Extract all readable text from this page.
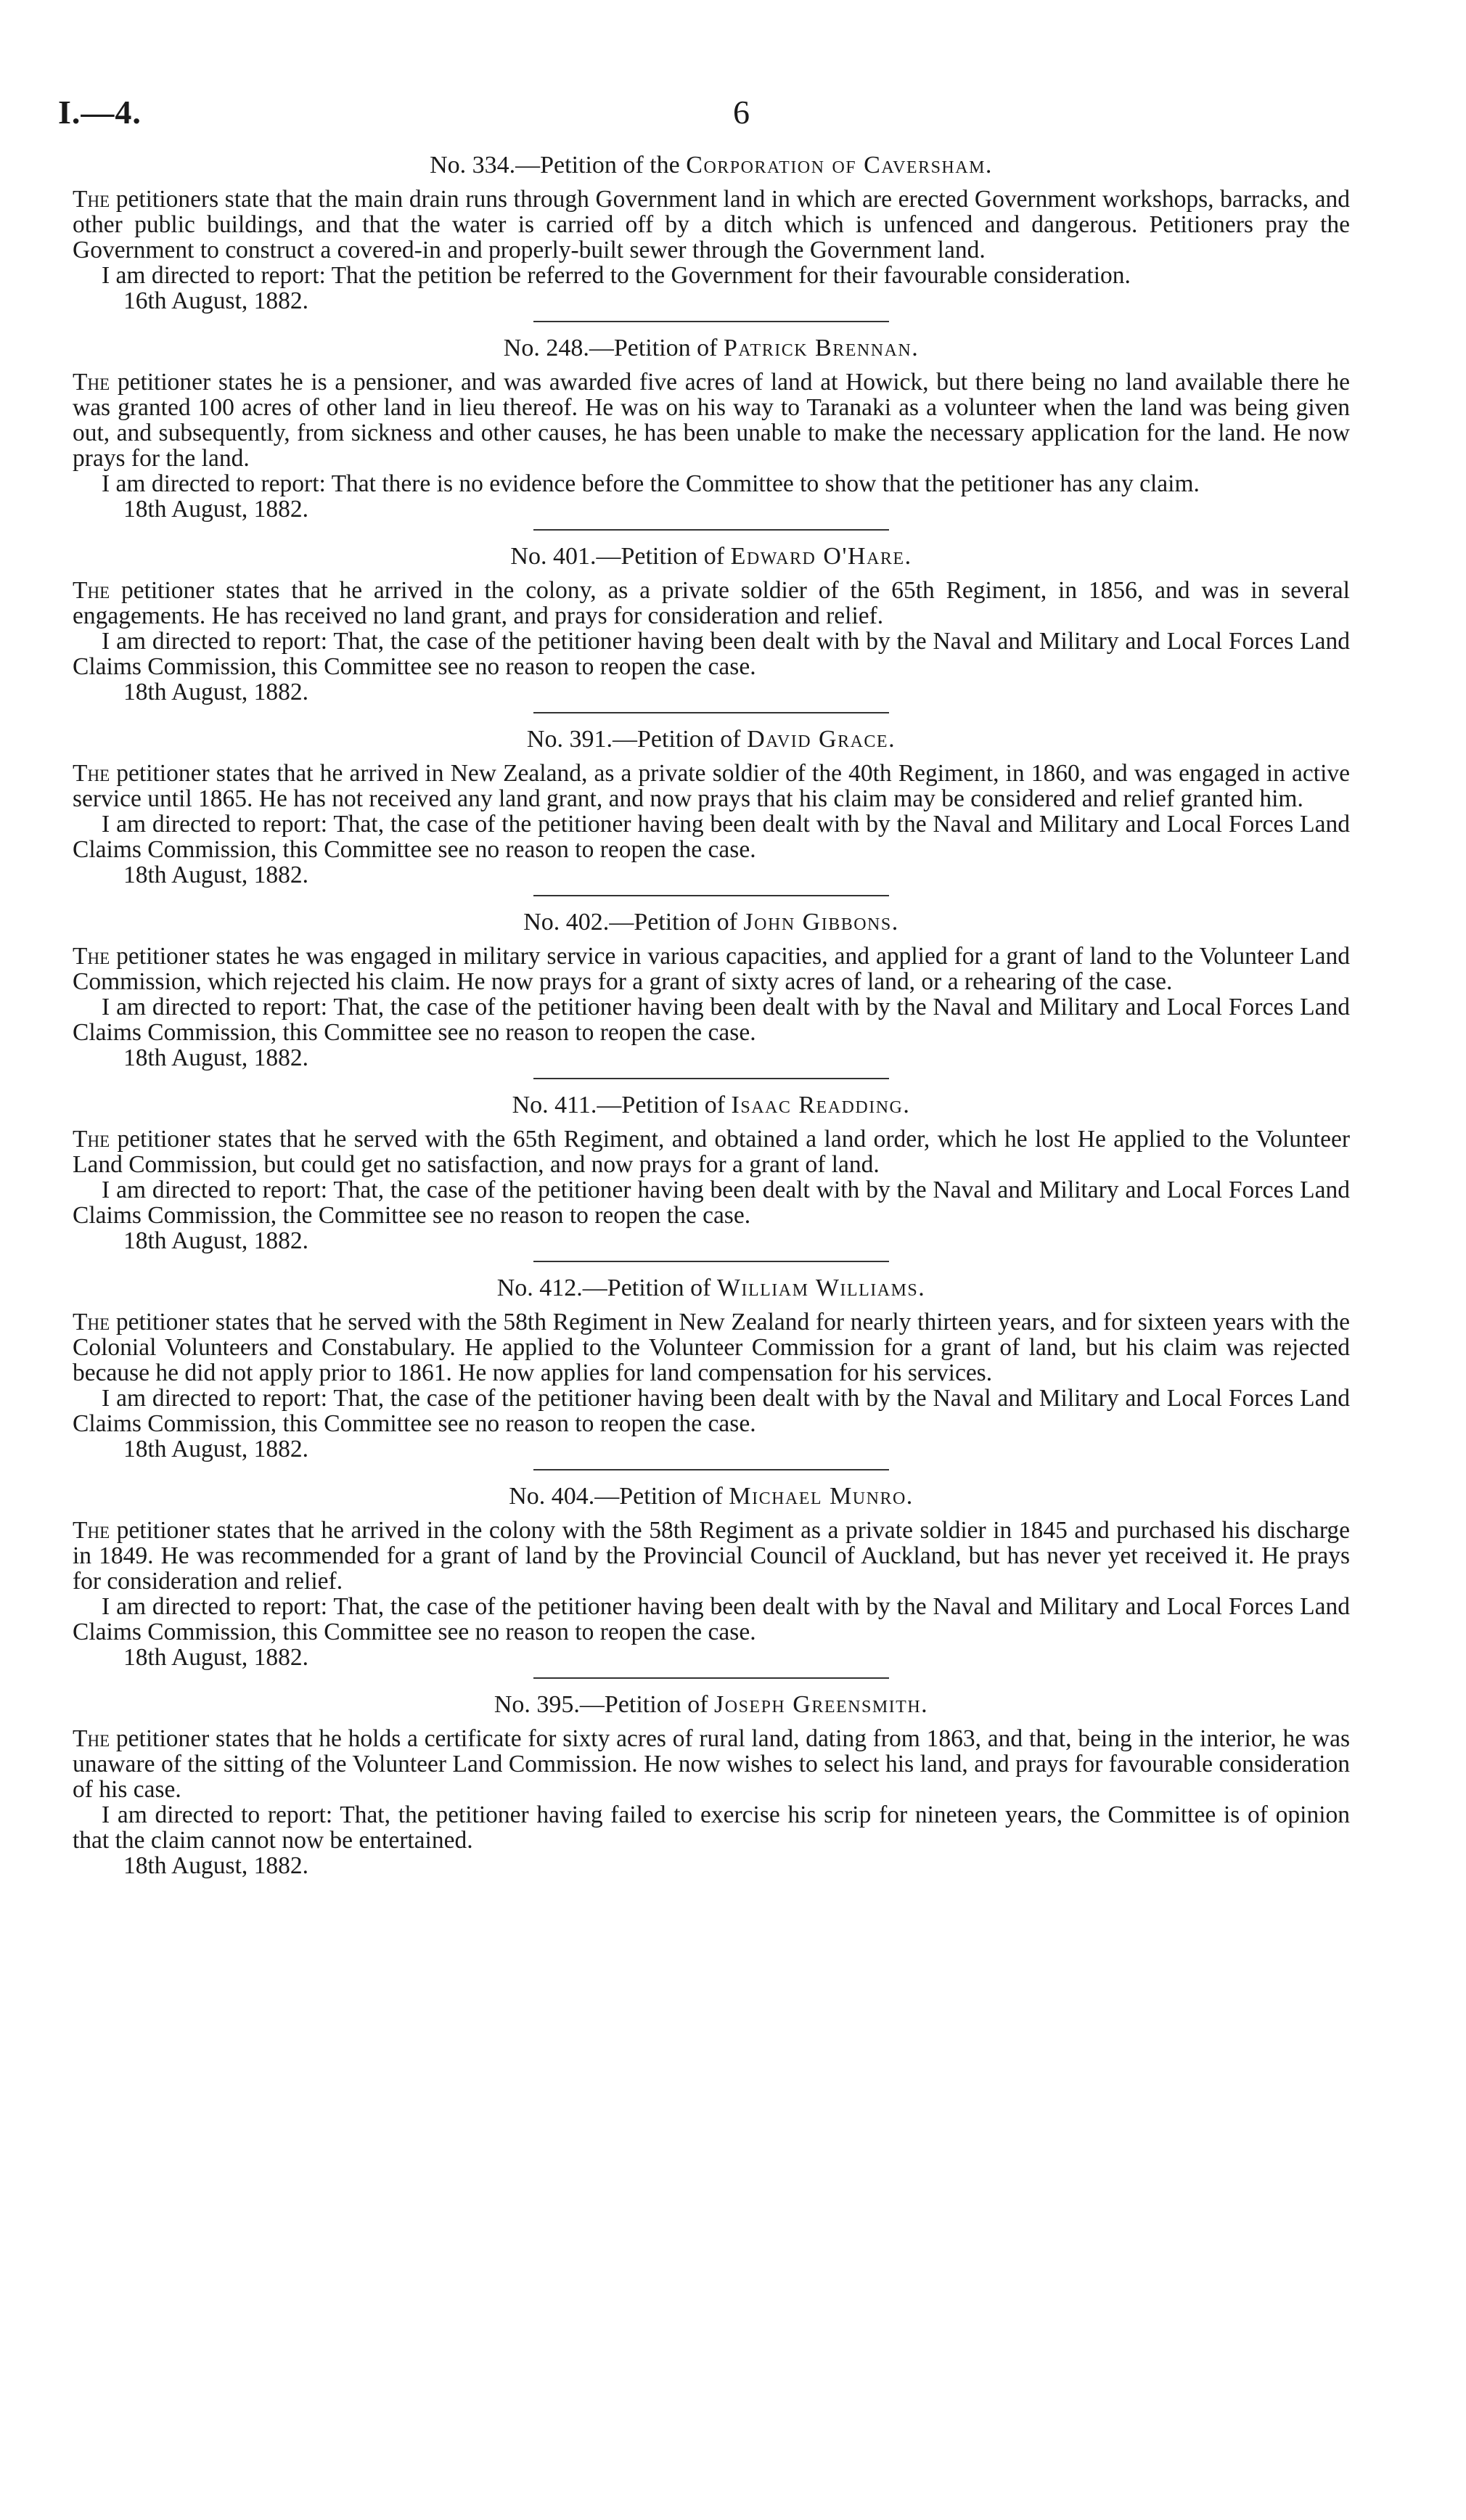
I.—4.	6

No. 334.—Petition of the Corporation of Caversham.

The petitioners state that the main drain runs through Government land in which are erected Government workshops, barracks, and other public buildings, and that the water is carried off by a ditch which is unfenced and dangerous. Petitioners pray the Government to construct a covered-in and properly-built sewer through the Government land.

I am directed to report: That the petition be referred to the Government for their favourable consideration.

16th August, 1882.

No. 248.—Petition of Patrick Brennan.

The petitioner states he is a pensioner, and was awarded five acres of land at Howick, but there being no land available there he was granted 100 acres of other land in lieu thereof. He was on his way to Taranaki as a volunteer when the land was being given out, and subsequently, from sickness and other causes, he has been unable to make the necessary application for the land. He now prays for the land.

I am directed to report: That there is no evidence before the Committee to show that the petitioner has any claim.

18th August, 1882.

No. 401.—Petition of Edward O'Hare.

The petitioner states that he arrived in the colony, as a private soldier of the 65th Regiment, in 1856, and was in several engagements. He has received no land grant, and prays for consideration and relief.

I am directed to report: That, the case of the petitioner having been dealt with by the Naval and Military and Local Forces Land Claims Commission, this Committee see no reason to reopen the case.

18th August, 1882.

No. 391.—Petition of David Grace.

The petitioner states that he arrived in New Zealand, as a private soldier of the 40th Regiment, in 1860, and was engaged in active service until 1865. He has not received any land grant, and now prays that his claim may be considered and relief granted him.

I am directed to report: That, the case of the petitioner having been dealt with by the Naval and Military and Local Forces Land Claims Commission, this Committee see no reason to reopen the case.

18th August, 1882.

No. 402.—Petition of John Gibbons.

The petitioner states he was engaged in military service in various capacities, and applied for a grant of land to the Volunteer Land Commission, which rejected his claim. He now prays for a grant of sixty acres of land, or a rehearing of the case.

I am directed to report: That, the case of the petitioner having been dealt with by the Naval and Military and Local Forces Land Claims Commission, this Committee see no reason to reopen the case.

18th August, 1882.

No. 411.—Petition of Isaac Readding.

The petitioner states that he served with the 65th Regiment, and obtained a land order, which he lost He applied to the Volunteer Land Commission, but could get no satisfaction, and now prays for a grant of land.

I am directed to report: That, the case of the petitioner having been dealt with by the Naval and Military and Local Forces Land Claims Commission, the Committee see no reason to reopen the case.

18th August, 1882.

No. 412.—Petition of William Williams.

The petitioner states that he served with the 58th Regiment in New Zealand for nearly thirteen years, and for sixteen years with the Colonial Volunteers and Constabulary. He applied to the Volunteer Commission for a grant of land, but his claim was rejected because he did not apply prior to 1861. He now applies for land compensation for his services.

I am directed to report: That, the case of the petitioner having been dealt with by the Naval and Military and Local Forces Land Claims Commission, this Committee see no reason to reopen the case.

18th August, 1882.

No. 404.—Petition of Michael Munro.

The petitioner states that he arrived in the colony with the 58th Regiment as a private soldier in 1845 and purchased his discharge in 1849. He was recommended for a grant of land by the Provincial Council of Auckland, but has never yet received it. He prays for consideration and relief.

I am directed to report: That, the case of the petitioner having been dealt with by the Naval and Military and Local Forces Land Claims Commission, this Committee see no reason to reopen the case.

18th August, 1882.

No. 395.—Petition of Joseph Greensmith.

The petitioner states that he holds a certificate for sixty acres of rural land, dating from 1863, and that, being in the interior, he was unaware of the sitting of the Volunteer Land Commission. He now wishes to select his land, and prays for favourable consideration of his case.

I am directed to report: That, the petitioner having failed to exercise his scrip for nineteen years, the Committee is of opinion that the claim cannot now be entertained.

18th August, 1882.
